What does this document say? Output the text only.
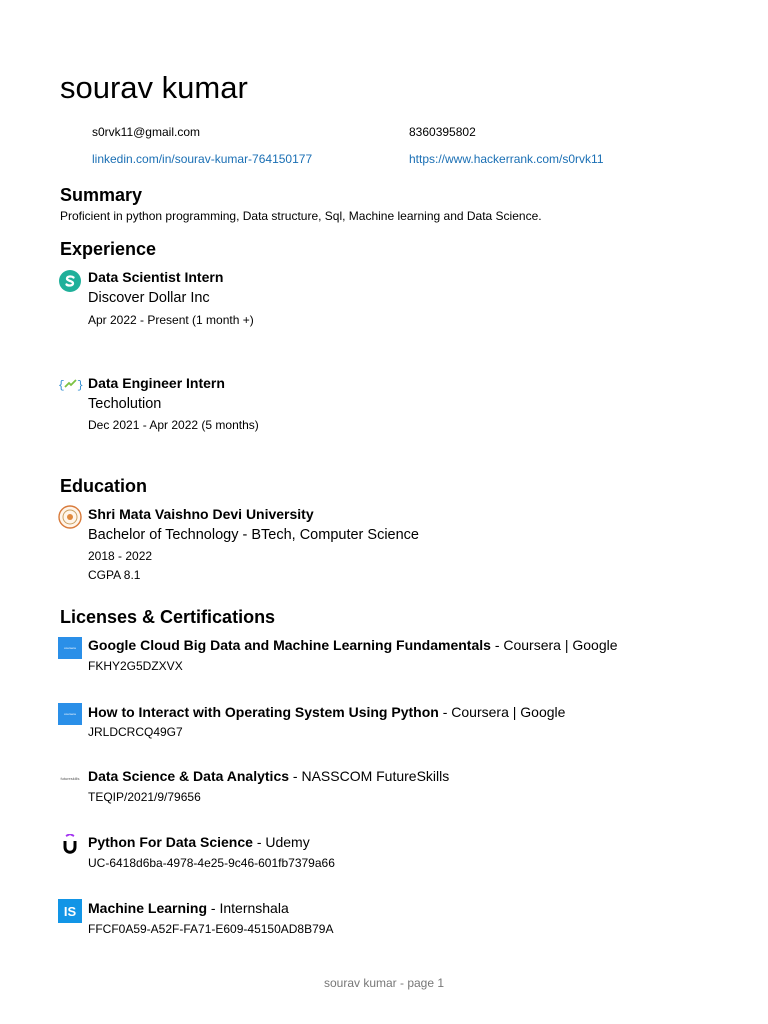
sourav kumar
s0rvk11@gmail.com	8360395802
linkedin.com/in/sourav-kumar-764150177	https://www.hackerrank.com/s0rvk11
Summary
Proficient in python programming, Data structure, Sql, Machine learning and Data Science.
Experience
Data Scientist Intern
Discover Dollar Inc
Apr 2022 - Present (1 month +)
{ } Data Engineer Intern
Techolution
Dec 2021 - Apr 2022 (5 months)
Education
Shri Mata Vaishno Devi University
Bachelor of Technology - BTech, Computer Science
2018 - 2022
CGPA 8.1
Licenses & Certifications
coursera Google Cloud Big Data and Machine Learning Fundamentals - Coursera | Google
FKHY2G5DZXVX
coursera How to Interact with Operating System Using Python - Coursera | Google
JRLDCRCQ49G7
futureskills Data Science & Data Analytics - NASSCOM FutureSkills
TEQIP/2021/9/79656
Python For Data Science - Udemy
UC-6418d6ba-4978-4e25-9c46-601fb7379a66
IS Machine Learning - Internshala
FFCF0A59-A52F-FA71-E609-45150AD8B79A
sourav kumar - page 1
